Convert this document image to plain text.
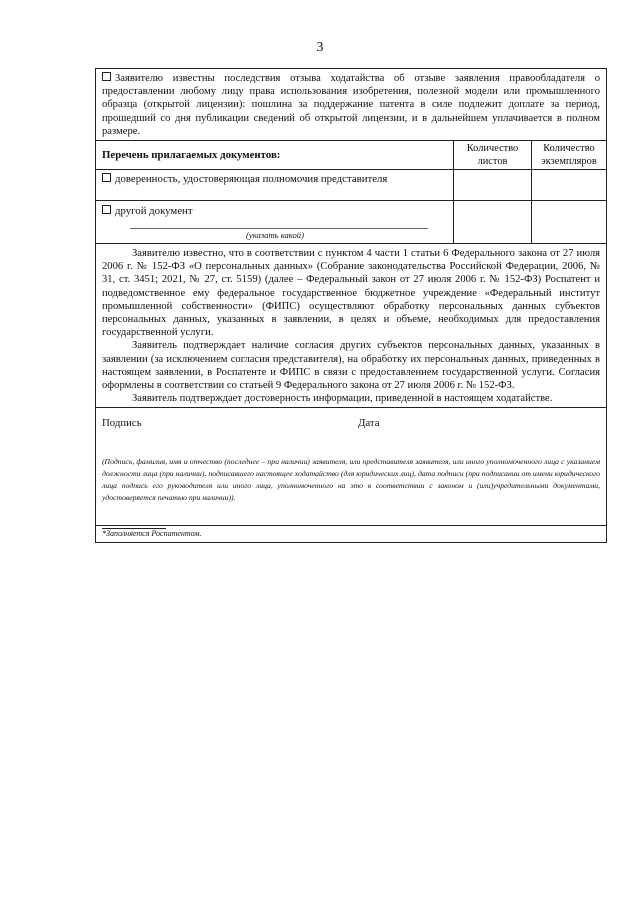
3
Заявителю известны последствия отзыва ходатайства об отзыве заявления правообладателя о предоставлении любому лицу права использования изобретения, полезной модели или промышленного образца (открытой лицензии): пошлина за поддержание патента в силе подлежит доплате за период, прошедший со дня публикации сведений об открытой лицензии, и в дальнейшем уплачивается в полном размере.
Перечень прилагаемых документов:
Количество листов
Количество экземпляров
доверенность, удостоверяющая полномочия представителя
другой документ
(указать какой)
Заявителю известно, что в соответствии с пунктом 4 части 1 статьи 6 Федерального закона от 27 июля 2006 г. № 152-ФЗ «О персональных данных» (Собрание законодательства Российской Федерации, 2006, № 31, ст. 3451; 2021, № 27, ст. 5159) (далее – Федеральный закон от 27 июля 2006 г. № 152-ФЗ) Роспатент и подведомственное ему федеральное государственное бюджетное учреждение «Федеральный институт промышленной собственности» (ФИПС) осуществляют обработку персональных данных субъектов персональных данных, указанных в заявлении, в целях и объеме, необходимых для предоставления государственной услуги.
Заявитель подтверждает наличие согласия других субъектов персональных данных, указанных в заявлении (за исключением согласия представителя), на обработку их персональных данных, приведенных в настоящем заявлении, в Роспатенте и ФИПС в связи с предоставлением государственной услуги. Согласия оформлены в соответствии со статьей 9 Федерального закона от 27 июля 2006 г. № 152-ФЗ.
Заявитель подтверждает достоверность информации, приведенной в настоящем ходатайстве.
Подпись	Дата
(Подпись, фамилия, имя и отчество (последнее – при наличии) заявителя, или представителя заявителя, или иного уполномоченного лица с указанием должности лица (при наличии), подписавшего настоящее ходатайство (для юридических лиц), дата подписи (при подписании от имени юридического лица подпись его руководителя или иного лица, уполномоченного на это в соответствии с законом и (или)учредительными документами, удостоверяется печатью при наличии)).
*Заполняется Роспатентом.
